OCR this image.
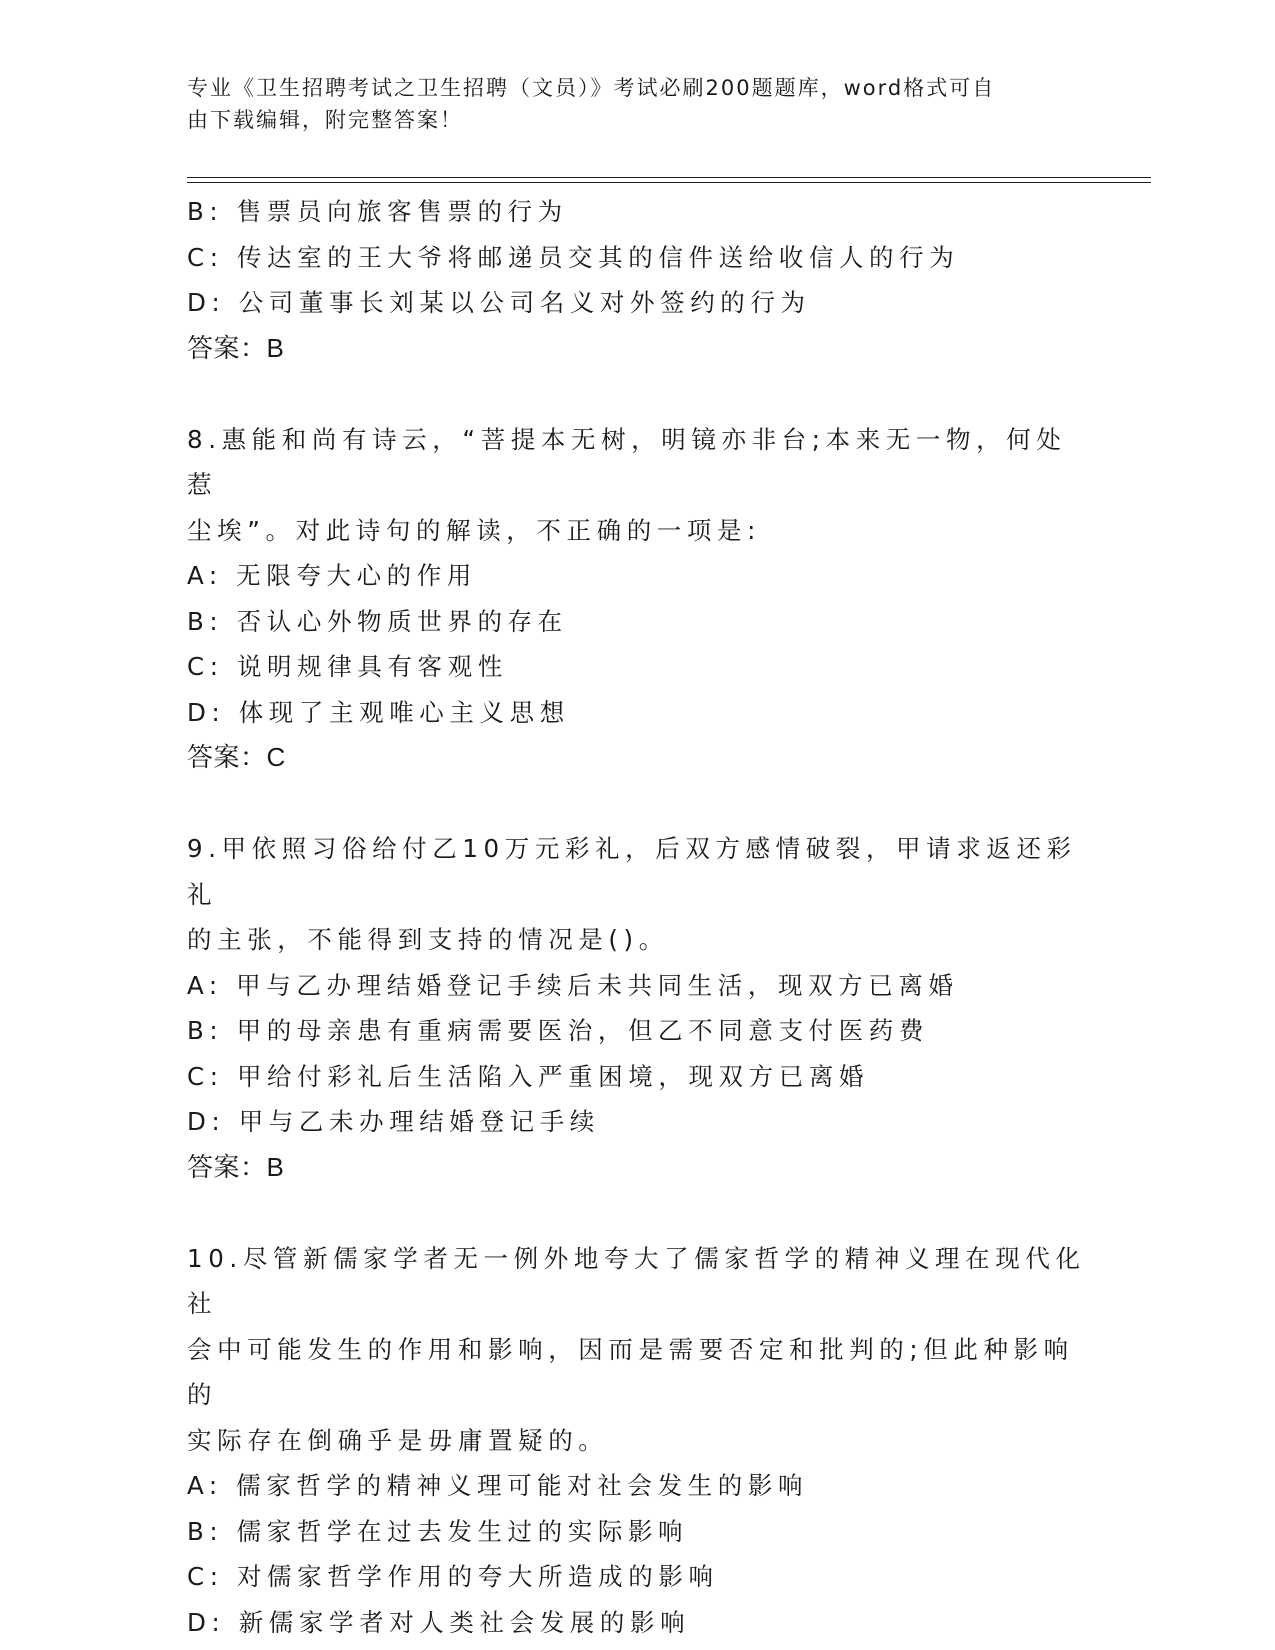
专业《卫生招聘考试之卫生招聘（文员）》考试必刷200题题库，word格式可自
由下载编辑，附完整答案！
B: 售票员向旅客售票的行为
C: 传达室的王大爷将邮递员交其的信件送给收信人的行为
D: 公司董事长刘某以公司名义对外签约的行为
答案：B
8.惠能和尚有诗云，“菩提本无树，明镜亦非台;本来无一物，何处惹
尘埃”。对此诗句的解读，不正确的一项是:
A: 无限夸大心的作用
B: 否认心外物质世界的存在
C: 说明规律具有客观性
D: 体现了主观唯心主义思想
答案：C
9.甲依照习俗给付乙10万元彩礼，后双方感情破裂，甲请求返还彩礼
的主张，不能得到支持的情况是()。
A: 甲与乙办理结婚登记手续后未共同生活，现双方已离婚
B: 甲的母亲患有重病需要医治，但乙不同意支付医药费
C: 甲给付彩礼后生活陷入严重困境，现双方已离婚
D: 甲与乙未办理结婚登记手续
答案：B
10.尽管新儒家学者无一例外地夸大了儒家哲学的精神义理在现代化社
会中可能发生的作用和影响，因而是需要否定和批判的;但此种影响的
实际存在倒确乎是毋庸置疑的。
A: 儒家哲学的精神义理可能对社会发生的影响
B: 儒家哲学在过去发生过的实际影响
C: 对儒家哲学作用的夸大所造成的影响
D: 新儒家学者对人类社会发展的影响
